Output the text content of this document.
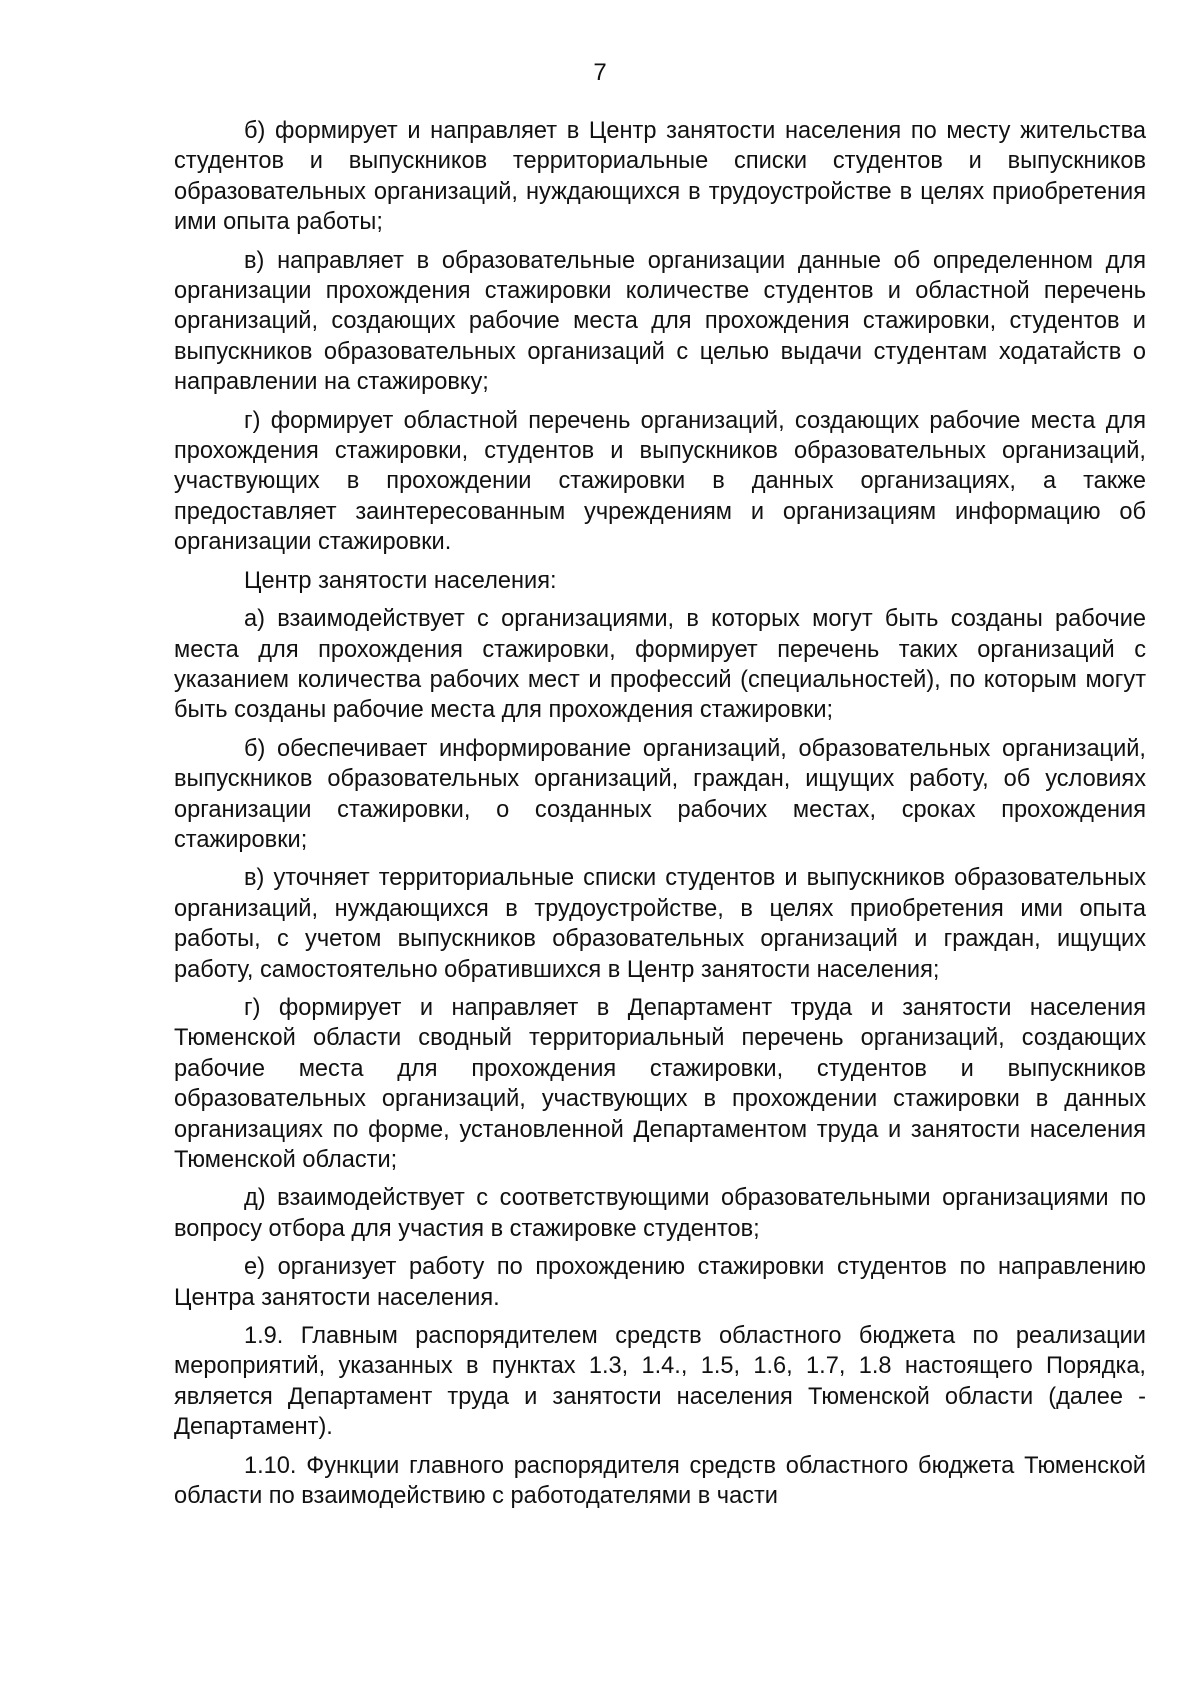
7

б) формирует и направляет в Центр занятости населения по месту жительства студентов и выпускников территориальные списки студентов и выпускников образовательных организаций, нуждающихся в трудоустройстве в целях приобретения ими опыта работы;

в) направляет в образовательные организации данные об определенном для организации прохождения стажировки количестве студентов и областной перечень организаций, создающих рабочие места для прохождения стажировки, студентов и выпускников образовательных организаций с целью выдачи студентам ходатайств о направлении на стажировку;

г) формирует областной перечень организаций, создающих рабочие места для прохождения стажировки, студентов и выпускников образовательных организаций, участвующих в прохождении стажировки в данных организациях, а также предоставляет заинтересованным учреждениям и организациям информацию об организации стажировки.

Центр занятости населения:

а) взаимодействует с организациями, в которых могут быть созданы рабочие места для прохождения стажировки, формирует перечень таких организаций с указанием количества рабочих мест и профессий (специальностей), по которым могут быть созданы рабочие места для прохождения стажировки;

б) обеспечивает информирование организаций, образовательных организаций, выпускников образовательных организаций, граждан, ищущих работу, об условиях организации стажировки, о созданных рабочих местах, сроках прохождения стажировки;

в) уточняет территориальные списки студентов и выпускников образовательных организаций, нуждающихся в трудоустройстве, в целях приобретения ими опыта работы, с учетом выпускников образовательных организаций и граждан, ищущих работу, самостоятельно обратившихся в Центр занятости населения;

г) формирует и направляет в Департамент труда и занятости населения Тюменской области сводный территориальный перечень организаций, создающих рабочие места для прохождения стажировки, студентов и выпускников образовательных организаций, участвующих в прохождении стажировки в данных организациях по форме, установленной Департаментом труда и занятости населения Тюменской области;

д) взаимодействует с соответствующими образовательными организациями по вопросу отбора для участия в стажировке студентов;

е) организует работу по прохождению стажировки студентов по направлению Центра занятости населения.

1.9. Главным распорядителем средств областного бюджета по реализации мероприятий, указанных в пунктах 1.3, 1.4., 1.5, 1.6, 1.7, 1.8 настоящего Порядка, является Департамент труда и занятости населения Тюменской области (далее - Департамент).

1.10. Функции главного распорядителя средств областного бюджета Тюменской области по взаимодействию с работодателями в части
